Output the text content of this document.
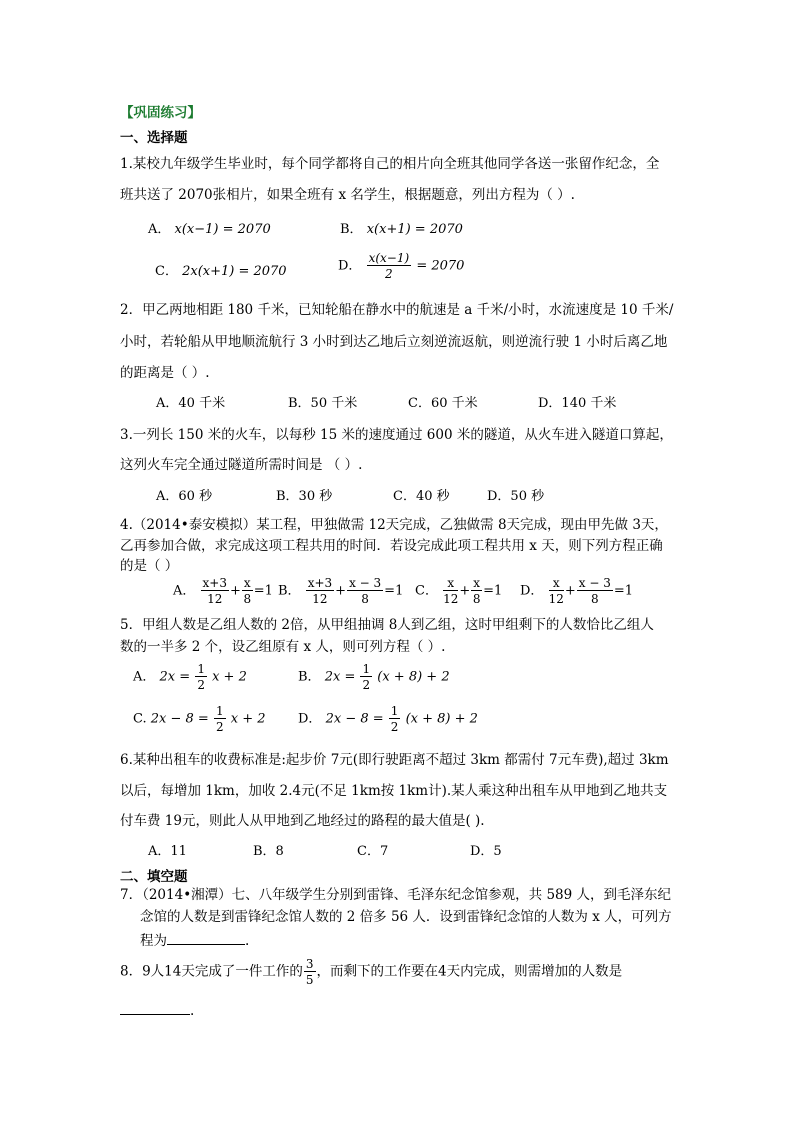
【巩固练习】
一、选择题
1.某校九年级学生毕业时，每个同学都将自己的相片向全班其他同学各送一张留作纪念，全
班共送了 2070张相片，如果全班有 x 名学生，根据题意，列出方程为（ ）.
A． x(x−1) = 2070	B． x(x+1) = 2070
C． 2x(x+1) = 2070	D． $\frac{x(x-1)}{2} = 2070$
2．甲乙两地相距 180 千米，已知轮船在静水中的航速是 a 千米/小时，水流速度是 10 千米/
小时，若轮船从甲地顺流航行 3 小时到达乙地后立刻逆流返航，则逆流行驶 1 小时后离乙地
的距离是（ ）.
A．40 千米	B．50 千米	C．60 千米	D．140 千米
3.一列长 150 米的火车，以每秒 15 米的速度通过 600 米的隧道，从火车进入隧道口算起，
这列火车完全通过隧道所需时间是 （ ）.
A．60 秒	B．30 秒	C．40 秒	D．50 秒
4.（2014•泰安模拟）某工程，甲独做需 12天完成，乙独做需 8天完成，现由甲先做 3天，
乙再参加合做，求完成这项工程共用的时间．若设完成此项工程共用 x 天，则下列方程正确
的是（ ）
A． $\frac{x+3}{12} + \frac{x}{8} =1$ B． $\frac{x+3}{12} + \frac{x - 3}{8} =1$ C． $\frac{x}{12} + \frac{x}{8} =1$ D． $\frac{x}{12} + \frac{x - 3}{8} =1$
5．甲组人数是乙组人数的 2倍，从甲组抽调 8人到乙组，这时甲组剩下的人数恰比乙组人
数的一半多 2 个，设乙组原有 x 人，则可列方程（ ）.
A． $2x = \frac{1}{2}$ x + 2	B． $2x = \frac{1}{2} (x + 8) + 2$
C. $2x - 8 = \frac{1}{2}$ x + 2 D． $2x - 8 = \frac{1}{2} (x + 8) + 2$
6.某种出租车的收费标准是:起步价 7元(即行驶距离不超过 3km 都需付 7元车费),超过 3km
以后，每增加 1km，加收 2.4元(不足 1km按 1km计).某人乘这种出租车从甲地到乙地共支
付车费 19元，则此人从甲地到乙地经过的路程的最大值是( ).
A．11	B．8	C．7	D．5
二、填空题
7．（2014•湘潭）七、八年级学生分别到雷锋、毛泽东纪念馆参观，共 589 人，到毛泽东纪
念馆的人数是到雷锋纪念馆人数的 2 倍多 56 人．设到雷锋纪念馆的人数为 x 人，可列方
程为	.
8．9人14天完成了一件工作的 $\frac{3}{5}$ ，而剩下的工作要在4天内完成，则需增加的人数是
.
